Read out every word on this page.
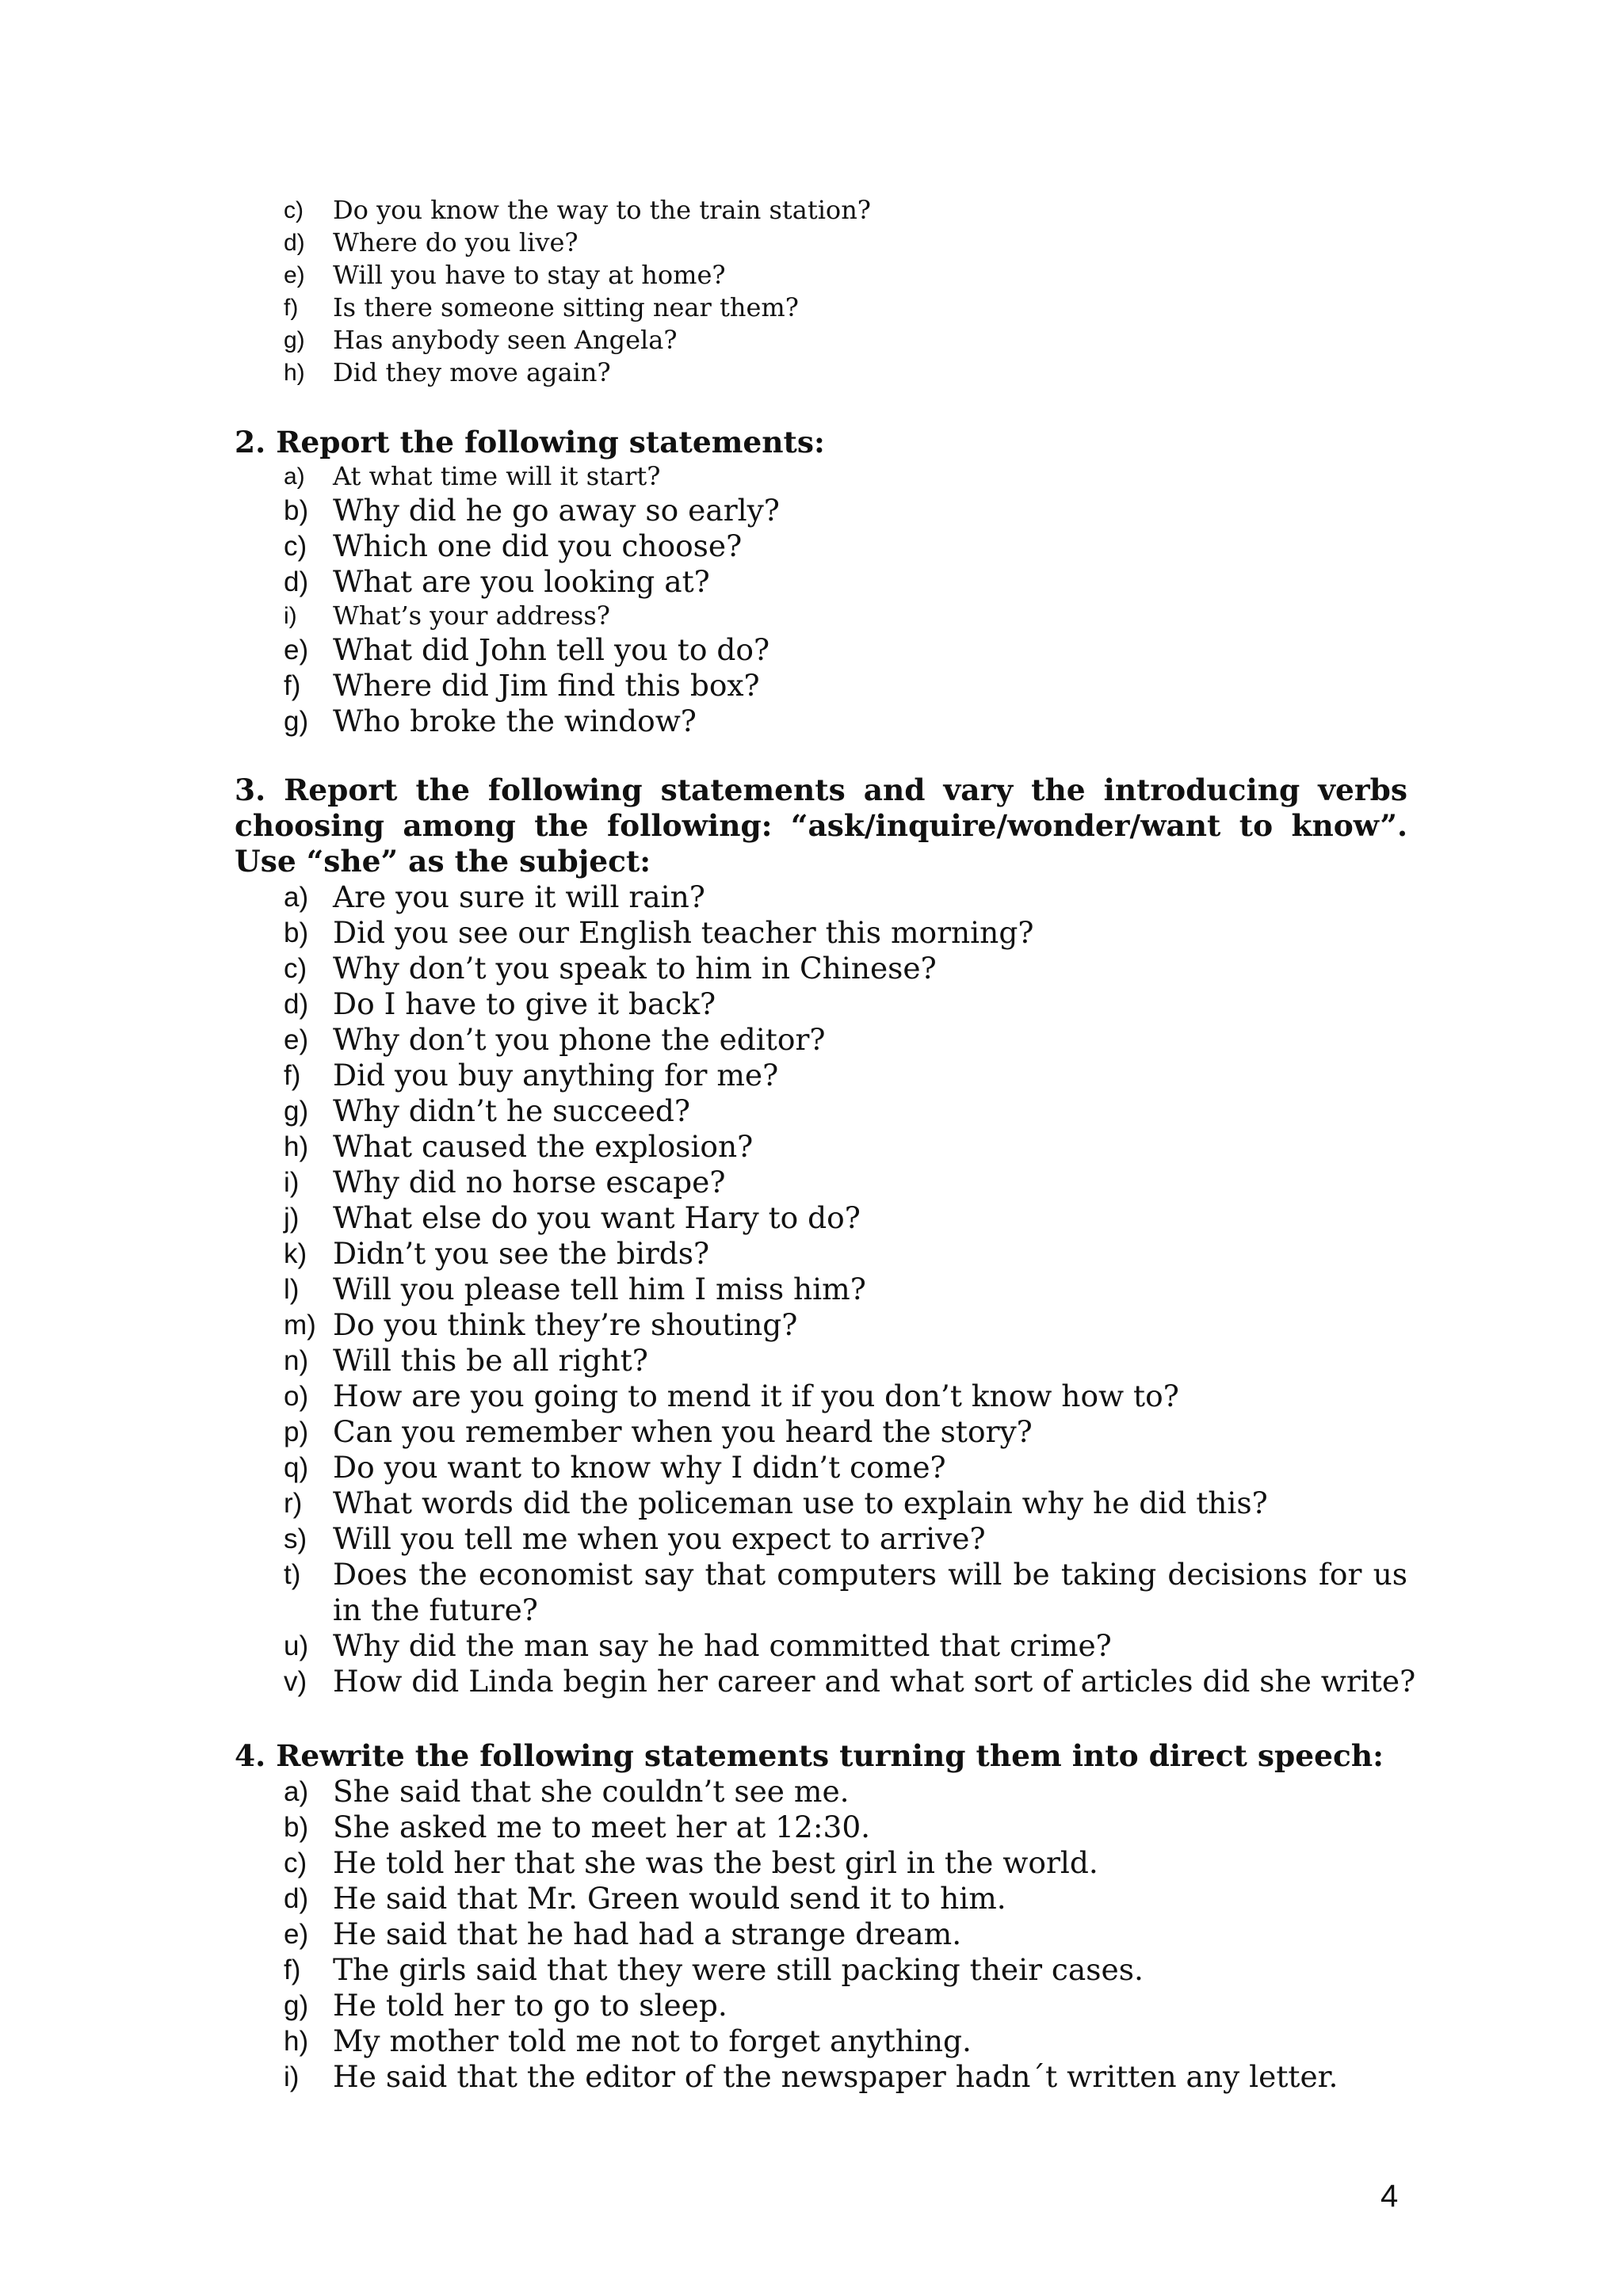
c) Do you know the way to the train station?
d) Where do you live?
e) Will you have to stay at home?
f) Is there someone sitting near them?
g) Has anybody seen Angela?
h) Did they move again?
2. Report the following statements:
a) At what time will it start?
b) Why did he go away so early?
c) Which one did you choose?
d) What are you looking at?
i) What’s your address?
e) What did John tell you to do?
f) Where did Jim find this box?
g) Who broke the window?
3. Report the following statements and vary the introducing verbs choosing among the following: “ask/inquire/wonder/want to know”. Use “she” as the subject:
a) Are you sure it will rain?
b) Did you see our English teacher this morning?
c) Why don’t you speak to him in Chinese?
d) Do I have to give it back?
e) Why don’t you phone the editor?
f) Did you buy anything for me?
g) Why didn’t he succeed?
h) What caused the explosion?
i) Why did no horse escape?
j) What else do you want Hary to do?
k) Didn’t you see the birds?
l) Will you please tell him I miss him?
m) Do you think they’re shouting?
n) Will this be all right?
o) How are you going to mend it if you don’t know how to?
p) Can you remember when you heard the story?
q) Do you want to know why I didn’t come?
r) What words did the policeman use to explain why he did this?
s) Will you tell me when you expect to arrive?
t) Does the economist say that computers will be taking decisions for us in the future?
u) Why did the man say he had committed that crime?
v) How did Linda begin her career and what sort of articles did she write?
4. Rewrite the following statements turning them into direct speech:
a) She said that she couldn’t see me.
b) She asked me to meet her at 12:30.
c) He told her that she was the best girl in the world.
d) He said that Mr. Green would send it to him.
e) He said that he had had a strange dream.
f) The girls said that they were still packing their cases.
g) He told her to go to sleep.
h) My mother told me not to forget anything.
i) He said that the editor of the newspaper hadn´t written any letter.
4
